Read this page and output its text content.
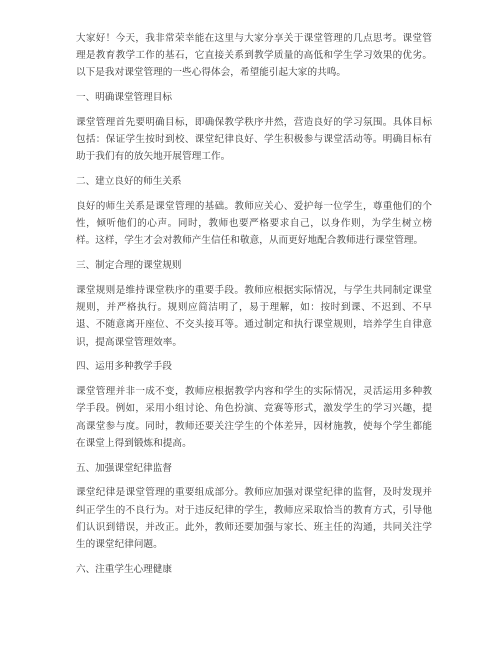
大家好！今天，我非常荣幸能在这里与大家分享关于课堂管理的几点思考。课堂管理是教育教学工作的基石，它直接关系到教学质量的高低和学生学习效果的优劣。以下是我对课堂管理的一些心得体会，希望能引起大家的共鸣。

一、明确课堂管理目标

课堂管理首先要明确目标，即确保教学秩序井然，营造良好的学习氛围。具体目标包括：保证学生按时到校、课堂纪律良好、学生积极参与课堂活动等。明确目标有助于我们有的放矢地开展管理工作。

二、建立良好的师生关系

良好的师生关系是课堂管理的基础。教师应关心、爱护每一位学生，尊重他们的个性，倾听他们的心声。同时，教师也要严格要求自己，以身作则，为学生树立榜样。这样，学生才会对教师产生信任和敬意，从而更好地配合教师进行课堂管理。

三、制定合理的课堂规则

课堂规则是维持课堂秩序的重要手段。教师应根据实际情况，与学生共同制定课堂规则，并严格执行。规则应简洁明了，易于理解，如：按时到课、不迟到、不早退、不随意离开座位、不交头接耳等。通过制定和执行课堂规则，培养学生自律意识，提高课堂管理效率。

四、运用多种教学手段

课堂管理并非一成不变，教师应根据教学内容和学生的实际情况，灵活运用多种教学手段。例如，采用小组讨论、角色扮演、竞赛等形式，激发学生的学习兴趣，提高课堂参与度。同时，教师还要关注学生的个体差异，因材施教，使每个学生都能在课堂上得到锻炼和提高。

五、加强课堂纪律监督

课堂纪律是课堂管理的重要组成部分。教师应加强对课堂纪律的监督，及时发现并纠正学生的不良行为。对于违反纪律的学生，教师应采取恰当的教育方式，引导他们认识到错误，并改正。此外，教师还要加强与家长、班主任的沟通，共同关注学生的课堂纪律问题。

六、注重学生心理健康
